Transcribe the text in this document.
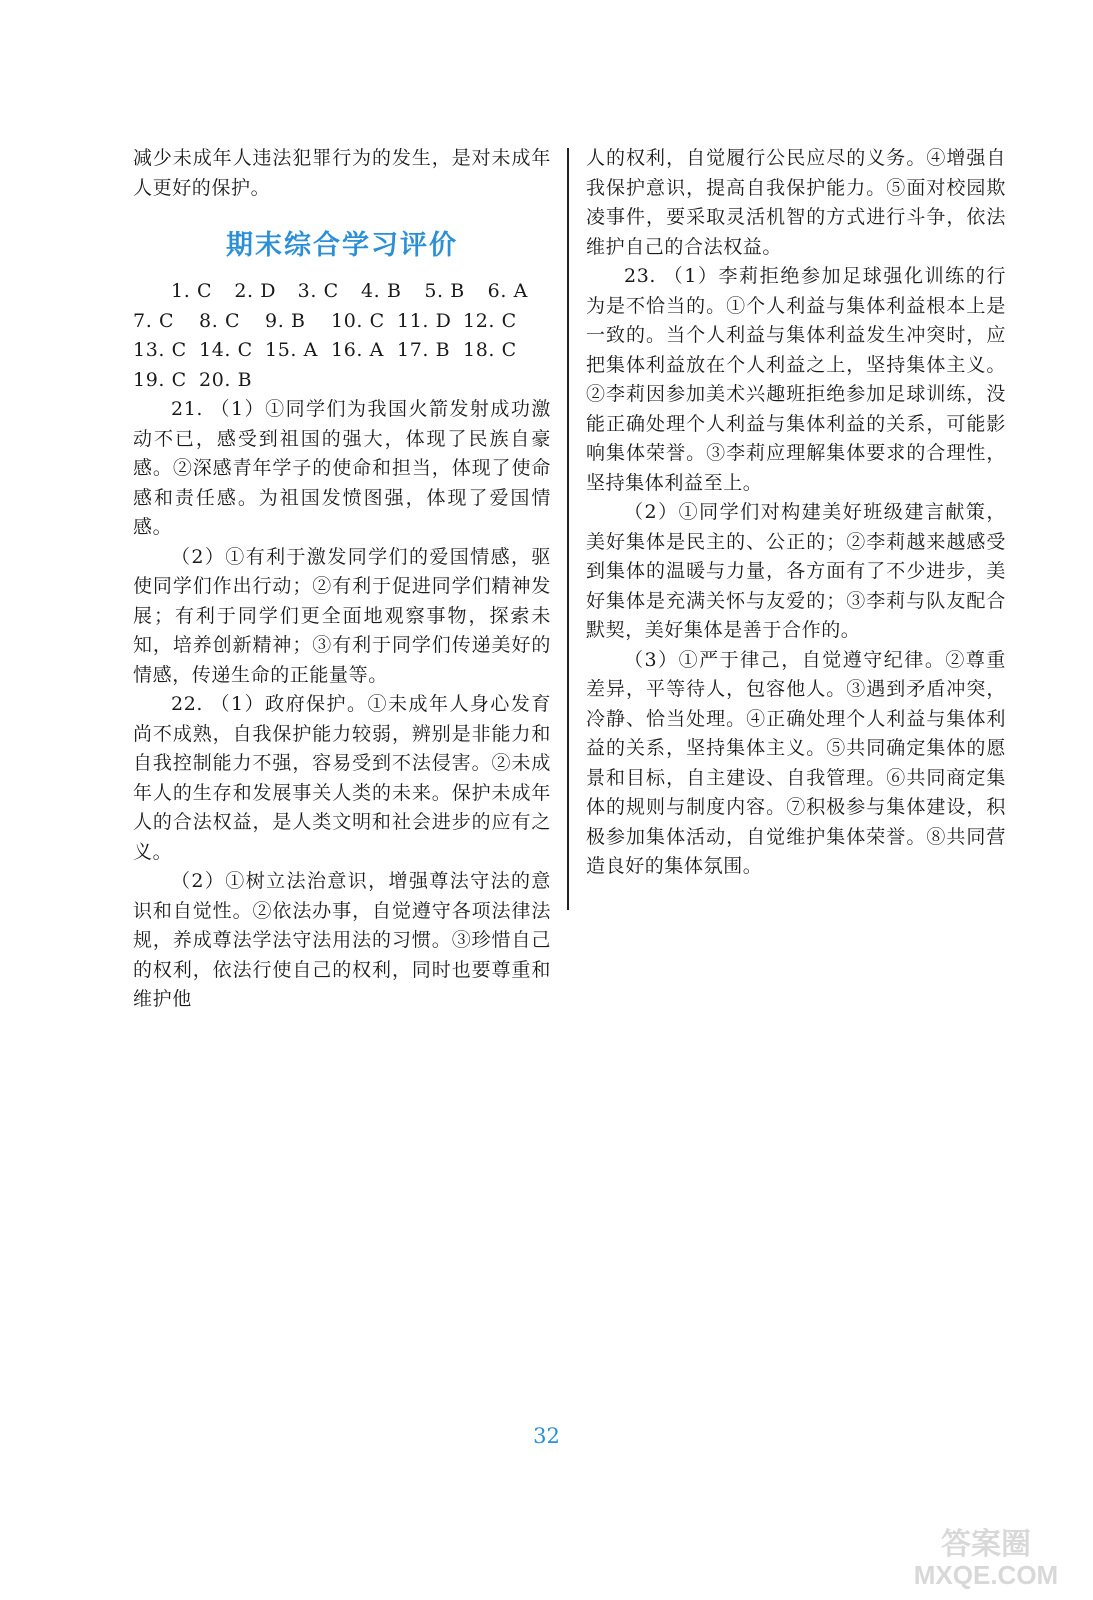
减少未成年人违法犯罪行为的发生，是对未成年人更好的保护。

期末综合学习评价
1. C	2. D	3. C	4. B	5. B	6. A
7. C	8. C	9. B	10. C 11. D 12. C
13. C 14. C 15. A 16. A 17. B 18. C
19. C 20. B

21. （1）①同学们为我国火箭发射成功激动不已，感受到祖国的强大，体现了民族自豪感。②深感青年学子的使命和担当，体现了使命感和责任感。为祖国发愤图强，体现了爱国情感。

（2）①有利于激发同学们的爱国情感，驱使同学们作出行动；②有利于促进同学们精神发展；有利于同学们更全面地观察事物，探索未知，培养创新精神；③有利于同学们传递美好的情感，传递生命的正能量等。

22. （1）政府保护。①未成年人身心发育尚不成熟，自我保护能力较弱，辨别是非能力和自我控制能力不强，容易受到不法侵害。②未成年人的生存和发展事关人类的未来。保护未成年人的合法权益，是人类文明和社会进步的应有之义。

（2）①树立法治意识，增强尊法守法的意识和自觉性。②依法办事，自觉遵守各项法律法规，养成尊法学法守法用法的习惯。③珍惜自己的权利，依法行使自己的权利，同时也要尊重和维护他

人的权利，自觉履行公民应尽的义务。④增强自我保护意识，提高自我保护能力。⑤面对校园欺凌事件，要采取灵活机智的方式进行斗争，依法维护自己的合法权益。

23. （1）李莉拒绝参加足球强化训练的行为是不恰当的。①个人利益与集体利益根本上是一致的。当个人利益与集体利益发生冲突时，应把集体利益放在个人利益之上，坚持集体主义。②李莉因参加美术兴趣班拒绝参加足球训练，没能正确处理个人利益与集体利益的关系，可能影响集体荣誉。③李莉应理解集体要求的合理性，坚持集体利益至上。

（2）①同学们对构建美好班级建言献策，美好集体是民主的、公正的；②李莉越来越感受到集体的温暖与力量，各方面有了不少进步，美好集体是充满关怀与友爱的；③李莉与队友配合默契，美好集体是善于合作的。

（3）①严于律己，自觉遵守纪律。②尊重差异，平等待人，包容他人。③遇到矛盾冲突，冷静、恰当处理。④正确处理个人利益与集体利益的关系，坚持集体主义。⑤共同确定集体的愿景和目标，自主建设、自我管理。⑥共同商定集体的规则与制度内容。⑦积极参与集体建设，积极参加集体活动，自觉维护集体荣誉。⑧共同营造良好的集体氛围。

32
答案圈
MXQE.COM
